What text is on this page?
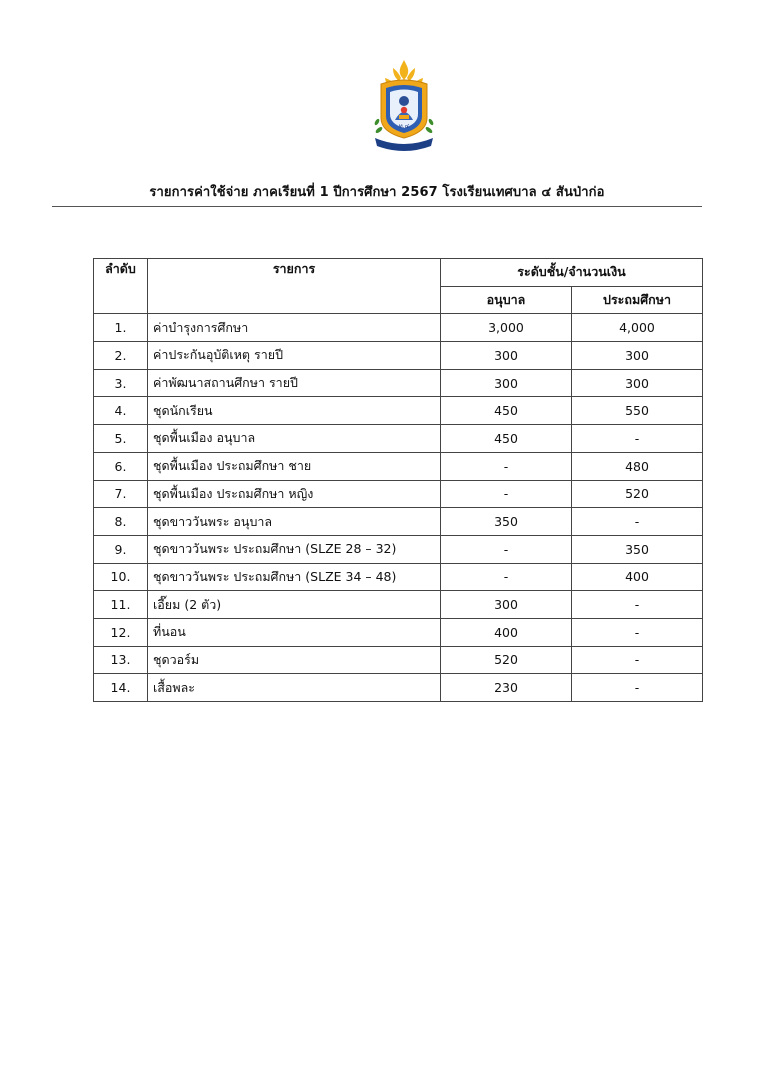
ท.๔
รายการค่าใช้จ่าย ภาคเรียนที่ 1 ปีการศึกษา 2567 โรงเรียนเทศบาล ๔ สันป่าก่อ
ลำดับ	รายการ	ระดับชั้น/จำนวนเงิน	
		อนุบาล	ประถมศึกษา
1.	ค่าบำรุงการศึกษา	3,000	4,000
2.	ค่าประกันอุบัติเหตุ รายปี	300	300
3.	ค่าพัฒนาสถานศึกษา รายปี	300	300
4.	ชุดนักเรียน	450	550
5.	ชุดพื้นเมือง อนุบาล	450	-
6.	ชุดพื้นเมือง ประถมศึกษา ชาย	-	480
7.	ชุดพื้นเมือง ประถมศึกษา หญิง	-	520
8.	ชุดขาววันพระ อนุบาล	350	-
9.	ชุดขาววันพระ ประถมศึกษา (SLZE 28 – 32)	-	350
10.	ชุดขาววันพระ ประถมศึกษา (SLZE 34 – 48)	-	400
11.	เอี๊ยม (2 ตัว)	300	-
12.	ที่นอน	400	-
13.	ชุดวอร์ม	520	-
14.	เสื้อพละ	230	-
